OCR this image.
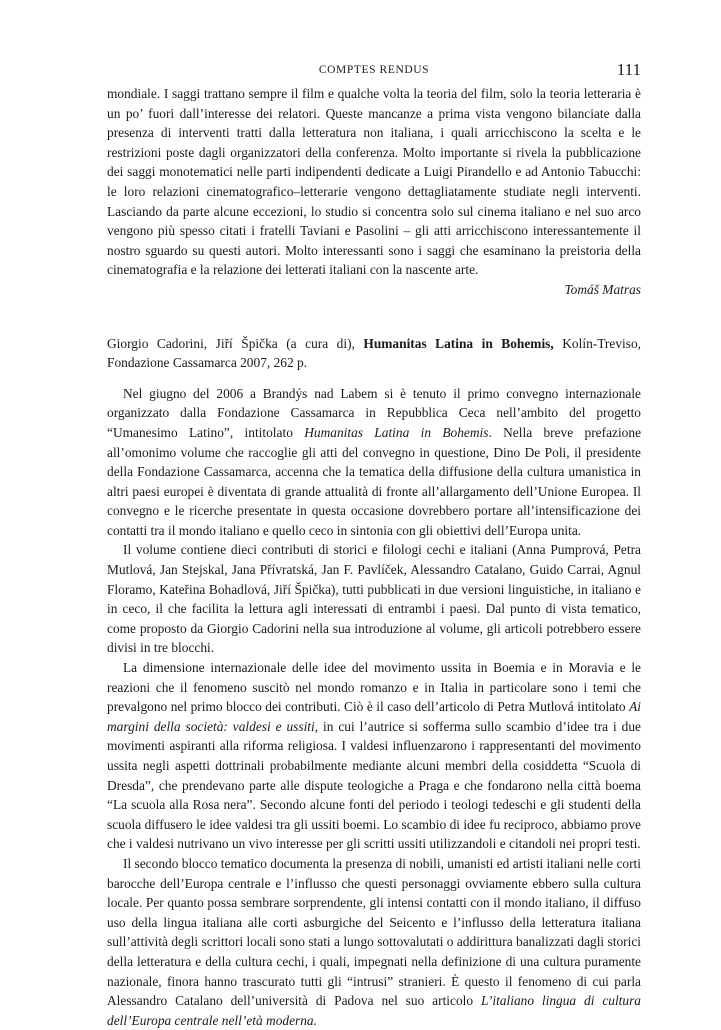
COMPTES RENDUS	111

mondiale. I saggi trattano sempre il film e qualche volta la teoria del film, solo la teoria letteraria è un po’ fuori dall’interesse dei relatori. Queste mancanze a prima vista vengono bilanciate dalla presenza di interventi tratti dalla letteratura non italiana, i quali arricchiscono la scelta e le restrizioni poste dagli organizzatori della conferenza. Molto importante si rivela la pubblicazione dei saggi monotematici nelle parti indipendenti dedicate a Luigi Pirandello e ad Antonio Tabucchi: le loro relazioni cinematografico–letterarie vengono dettagliatamente studiate negli interventi. Lasciando da parte alcune eccezioni, lo studio si concentra solo sul cinema italiano e nel suo arco vengono più spesso citati i fratelli Taviani e Pasolini – gli atti arricchiscono interessantemente il nostro sguardo su questi autori. Molto interessanti sono i saggi che esaminano la preistoria della cinematografia e la relazione dei letterati italiani con la nascente arte.

Tomáš Matras

Giorgio Cadorini, Jiří Špička (a cura di), Humanitas Latina in Bohemis, Kolín-Treviso, Fondazione Cassamarca 2007, 262 p.

Nel giugno del 2006 a Brandýs nad Labem si è tenuto il primo convegno internazionale organizzato dalla Fondazione Cassamarca in Repubblica Ceca nell’ambito del progetto “Umanesimo Latino”, intitolato Humanitas Latina in Bohemis. Nella breve prefazione all’omonimo volume che raccoglie gli atti del convegno in questione, Dino De Poli, il presidente della Fondazione Cassamarca, accenna che la tematica della diffusione della cultura umanistica in altri paesi europei è diventata di grande attualità di fronte all’allargamento dell’Unione Europea. Il convegno e le ricerche presentate in questa occasione dovrebbero portare all’intensificazione dei contatti tra il mondo italiano e quello ceco in sintonia con gli obiettivi dell’Europa unita.

Il volume contiene dieci contributi di storici e filologi cechi e italiani (Anna Pumprová, Petra Mutlová, Jan Stejskal, Jana Přívratská, Jan F. Pavlíček, Alessandro Catalano, Guido Carrai, Agnul Floramo, Kateřina Bohadlová, Jiří Špička), tutti pubblicati in due versioni linguistiche, in italiano e in ceco, il che facilita la lettura agli interessati di entrambi i paesi. Dal punto di vista tematico, come proposto da Giorgio Cadorini nella sua introduzione al volume, gli articoli potrebbero essere divisi in tre blocchi.

La dimensione internazionale delle idee del movimento ussita in Boemia e in Moravia e le reazioni che il fenomeno suscitò nel mondo romanzo e in Italia in particolare sono i temi che prevalgono nel primo blocco dei contributi. Ciò è il caso dell’articolo di Petra Mutlová intitolato Ai margini della società: valdesi e ussiti, in cui l’autrice si sofferma sullo scambio d’idee tra i due movimenti aspiranti alla riforma religiosa. I valdesi influenzarono i rappresentanti del movimento ussita negli aspetti dottrinali probabilmente mediante alcuni membri della cosiddetta “Scuola di Dresda”, che prendevano parte alle dispute teologiche a Praga e che fondarono nella città boema “La scuola alla Rosa nera”. Secondo alcune fonti del periodo i teologi tedeschi e gli studenti della scuola diffusero le idee valdesi tra gli ussiti boemi. Lo scambio di idee fu reciproco, abbiamo prove che i valdesi nutrivano un vivo interesse per gli scritti ussiti utilizzandoli e citandoli nei propri testi.

Il secondo blocco tematico documenta la presenza di nobili, umanisti ed artisti italiani nelle corti barocche dell’Europa centrale e l’influsso che questi personaggi ovviamente ebbero sulla cultura locale. Per quanto possa sembrare sorprendente, gli intensi contatti con il mondo italiano, il diffuso uso della lingua italiana alle corti asburgiche del Seicento e l’influsso della letteratura italiana sull’attività degli scrittori locali sono stati a lungo sottovalutati o addirittura banalizzati dagli storici della letteratura e della cultura cechi, i quali, impegnati nella definizione di una cultura puramente nazionale, finora hanno trascurato tutti gli “intrusi” stranieri. È questo il fenomeno di cui parla Alessandro Catalano dell’università di Padova nel suo articolo L’italiano lingua di cultura dell’Europa centrale nell’età moderna.
